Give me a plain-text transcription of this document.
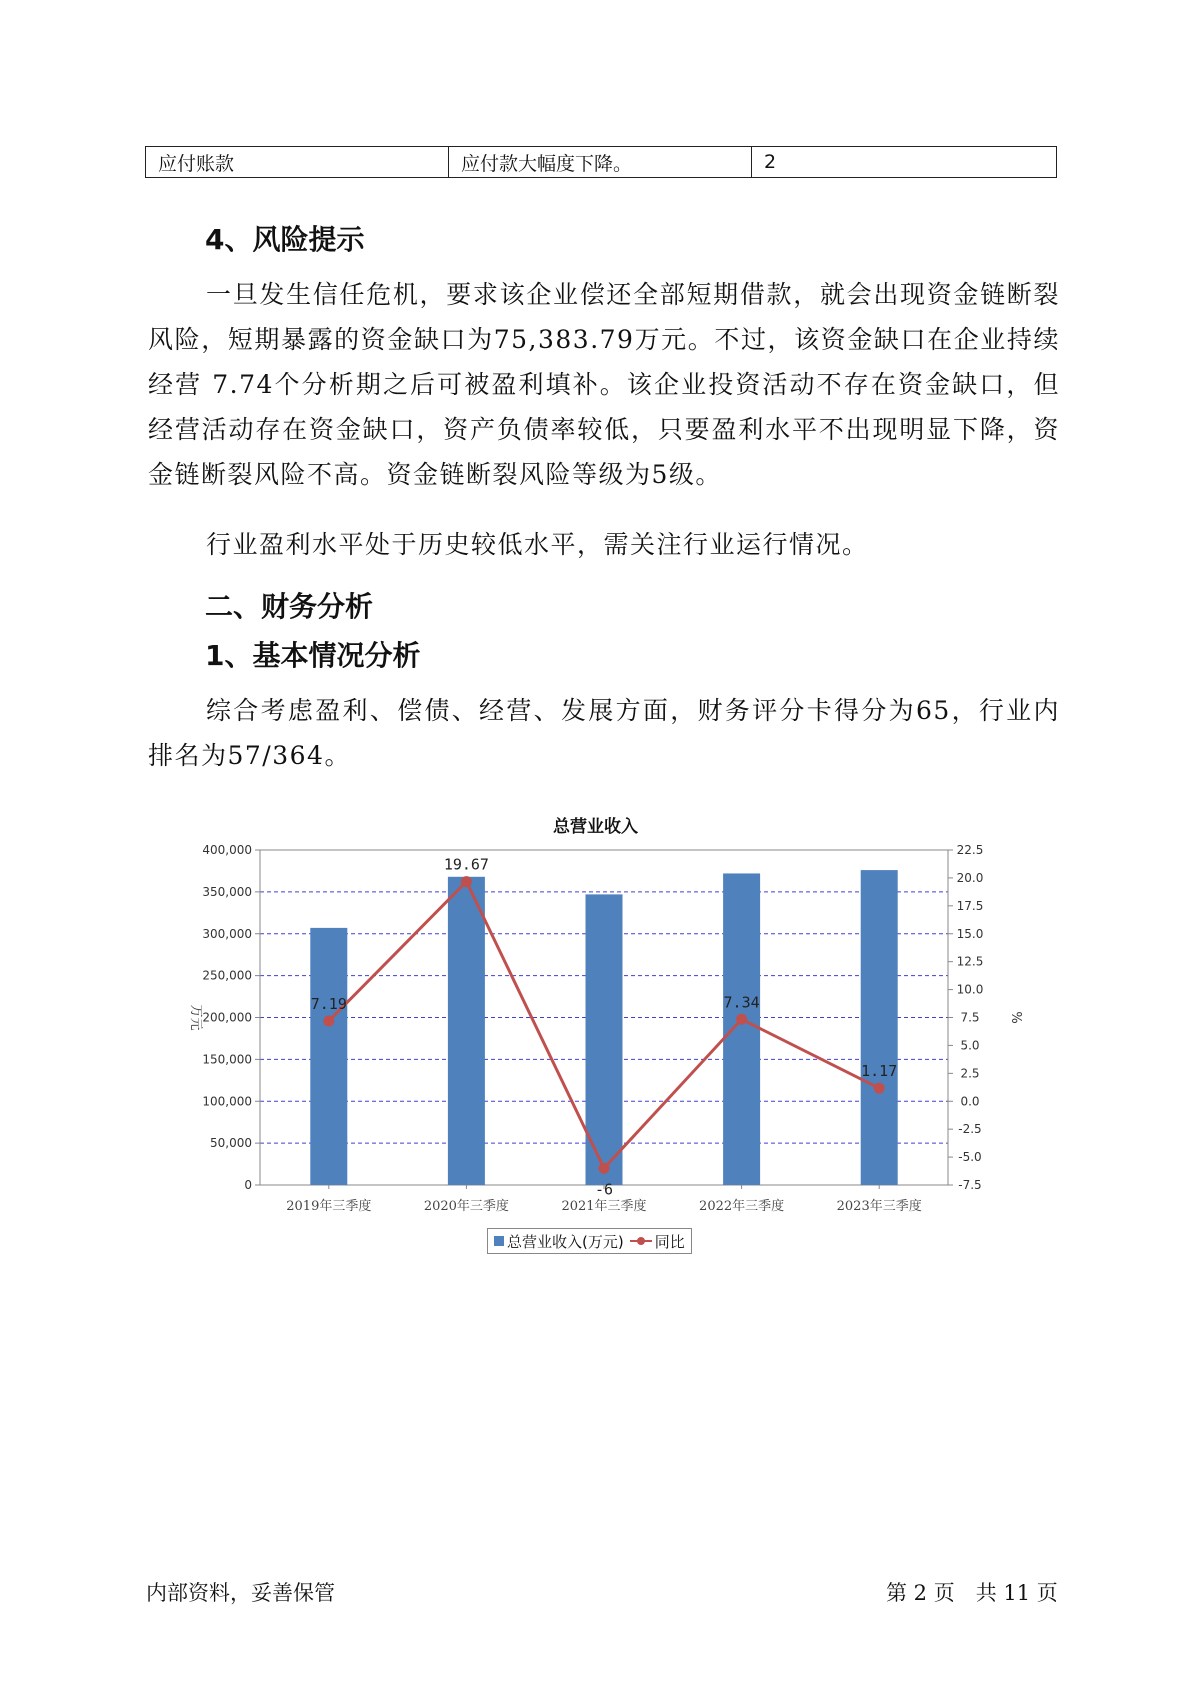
应付账款	应付款大幅度下降。	2
4、风险提示

一旦发生信任危机，要求该企业偿还全部短期借款，就会出现资金链断裂风险，短期暴露的资金缺口为75,383.79万元。不过，该资金缺口在企业持续经营 7.74个分析期之后可被盈利填补。该企业投资活动不存在资金缺口，但经营活动存在资金缺口，资产负债率较低，只要盈利水平不出现明显下降，资金链断裂风险不高。资金链断裂风险等级为5级。

行业盈利水平处于历史较低水平，需关注行业运行情况。

二、财务分析
1、基本情况分析

综合考虑盈利、偿债、经营、发展方面，财务评分卡得分为65，行业内排名为57/364。

总营业收入
0
50,000
100,000
150,000
200,000
250,000
300,000
350,000
400,000
-7.5
-5.0
-2.5
0.0
2.5
5.0
7.5
10.0
12.5
15.0
17.5
20.0
22.5
万元	%
2019年三季度	2020年三季度	2021年三季度	2022年三季度	2023年三季度
7.19
19.67
-6
7.34
1.17
总营业收入(万元) 同比
内部资料，妥善保管	第 2 页　共 11 页
